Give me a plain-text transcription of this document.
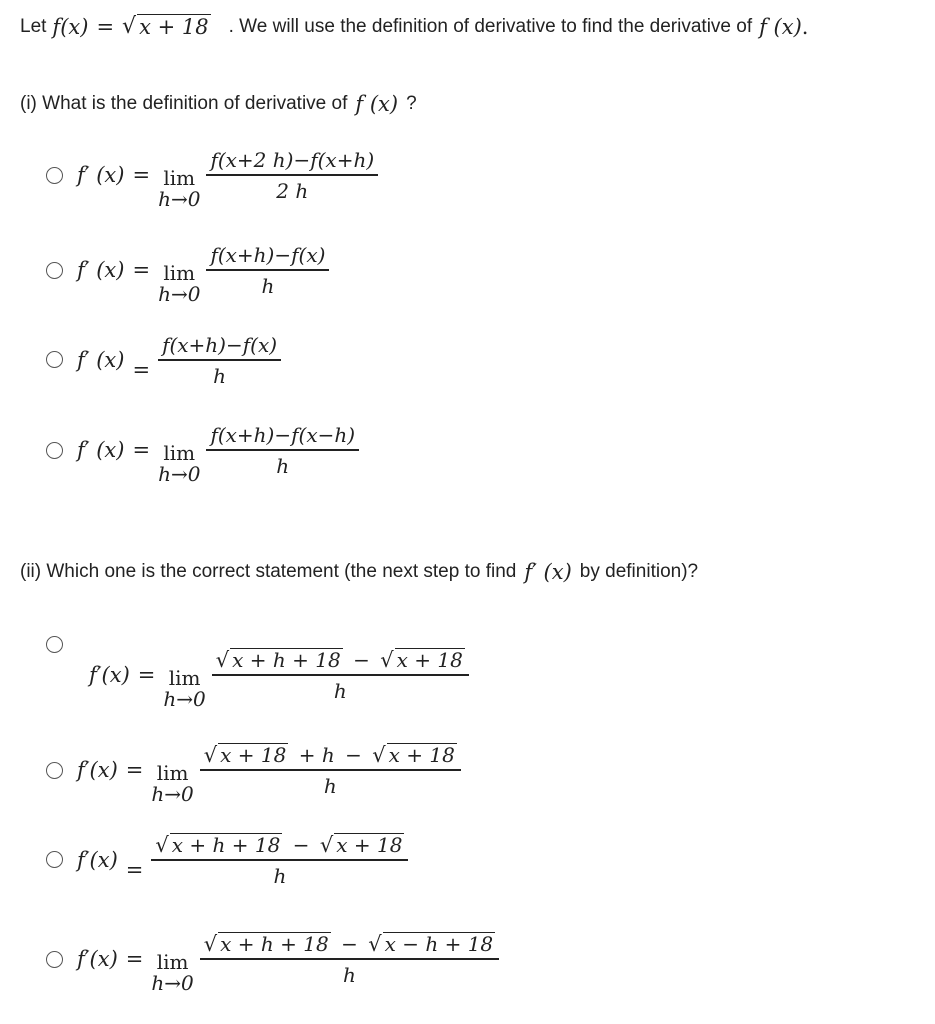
Let f(x) = √ x + 18 . We will use the definition of derivative to find the derivative of f (x) .
(i) What is the definition of derivative of f (x) ?
f′ (x) = lim
$h\to 0 \frac{f(x+2 h)-f(x+h)}{2 h}$
f′ (x) = lim
$h\to 0 \frac{f(x+h)-f(x)}{h}$
f′ $(x) = \frac{f(x+h)-f(x)}{h}$
f′ (x) = lim
$h\to 0 \frac{f(x+h)-f(x-h)}{h}$
(ii) Which one is the correct statement (the next step to find f′ (x) by definition)?
f′(x) = lim
$h\to 0 \frac{√ x + h + 18 - √ x + 18}{h}$
f′(x) = lim
$h\to 0 \frac{√ x + 18 + h - √ x + 18}{h}$
$f'(x) = \frac{√ x + h + 18 - √ x + 18}{h}$
f′(x) = lim
$h\to 0 \frac{√ x + h + 18 - √ x - h + 18}{h}$
